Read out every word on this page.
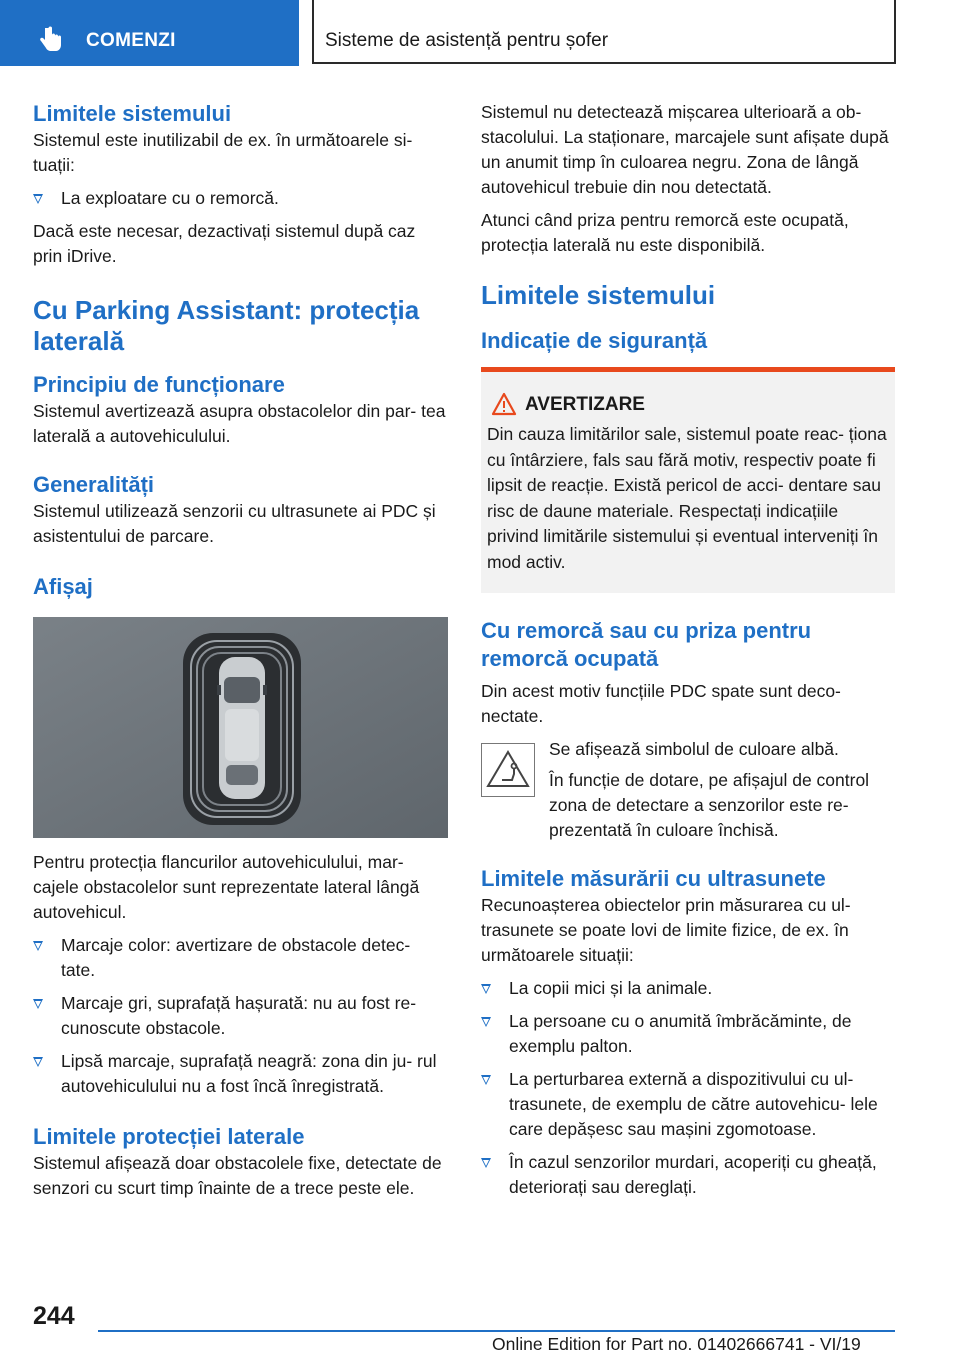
COMENZI	Sisteme de asistență pentru șofer
Limitele sistemului

Sistemul este inutilizabil de ex. în următoarele si- tuații:

La exploatare cu o remorcă.

Dacă este necesar, dezactivați sistemul după caz prin iDrive.

Cu Parking Assistant: protecția laterală
Principiu de funcționare

Sistemul avertizează asupra obstacolelor din par- tea laterală a autovehiculului.

Generalități

Sistemul utilizează senzorii cu ultrasunete ai PDC și asistentului de parcare.

Afișaj

Pentru protecția flancurilor autovehiculului, mar- cajele obstacolelor sunt reprezentate lateral lângă autovehicul.

Marcaje color: avertizare de obstacole detec- tate.
Marcaje gri, suprafață hașurată: nu au fost re- cunoscute obstacole.
Lipsă marcaje, suprafață neagră: zona din ju- rul autovehiculului nu a fost încă înregistrată.
Limitele protecției laterale

Sistemul afișează doar obstacolele fixe, detectate de senzori cu scurt timp înainte de a trece peste ele.

Sistemul nu detectează mișcarea ulterioară a ob- stacolului. La staționare, marcajele sunt afișate după un anumit timp în culoarea negru. Zona de lângă autovehicul trebuie din nou detectată.

Atunci când priza pentru remorcă este ocupată, protecția laterală nu este disponibilă.

Limitele sistemului
Indicație de siguranță
AVERTIZARE

Din cauza limitărilor sale, sistemul poate reac- ționa cu întârziere, fals sau fără motiv, respectiv poate fi lipsit de reacție. Există pericol de acci- dentare sau risc de daune materiale. Respectați indicațiile privind limitările sistemului și eventual interveniți în mod activ.

Cu remorcă sau cu priza pentru remorcă ocupată

Din acest motiv funcțiile PDC spate sunt deco- nectate.

Se afișează simbolul de culoare albă.

În funcție de dotare, pe afișajul de control zona de detectare a senzorilor este re- prezentată în culoare închisă.

Limitele măsurării cu ultrasunete

Recunoașterea obiectelor prin măsurarea cu ul- trasunete se poate lovi de limite fizice, de ex. în următoarele situații:

La copii mici și la animale.
La persoane cu o anumită îmbrăcăminte, de exemplu palton.
La perturbarea externă a dispozitivului cu ul- trasunete, de exemplu de către autovehicu- lele care depășesc sau mașini zgomotoase.
În cazul senzorilor murdari, acoperiți cu gheață, deteriorați sau dereglați.
244
Online Edition for Part no. 01402666741 - VI/19
